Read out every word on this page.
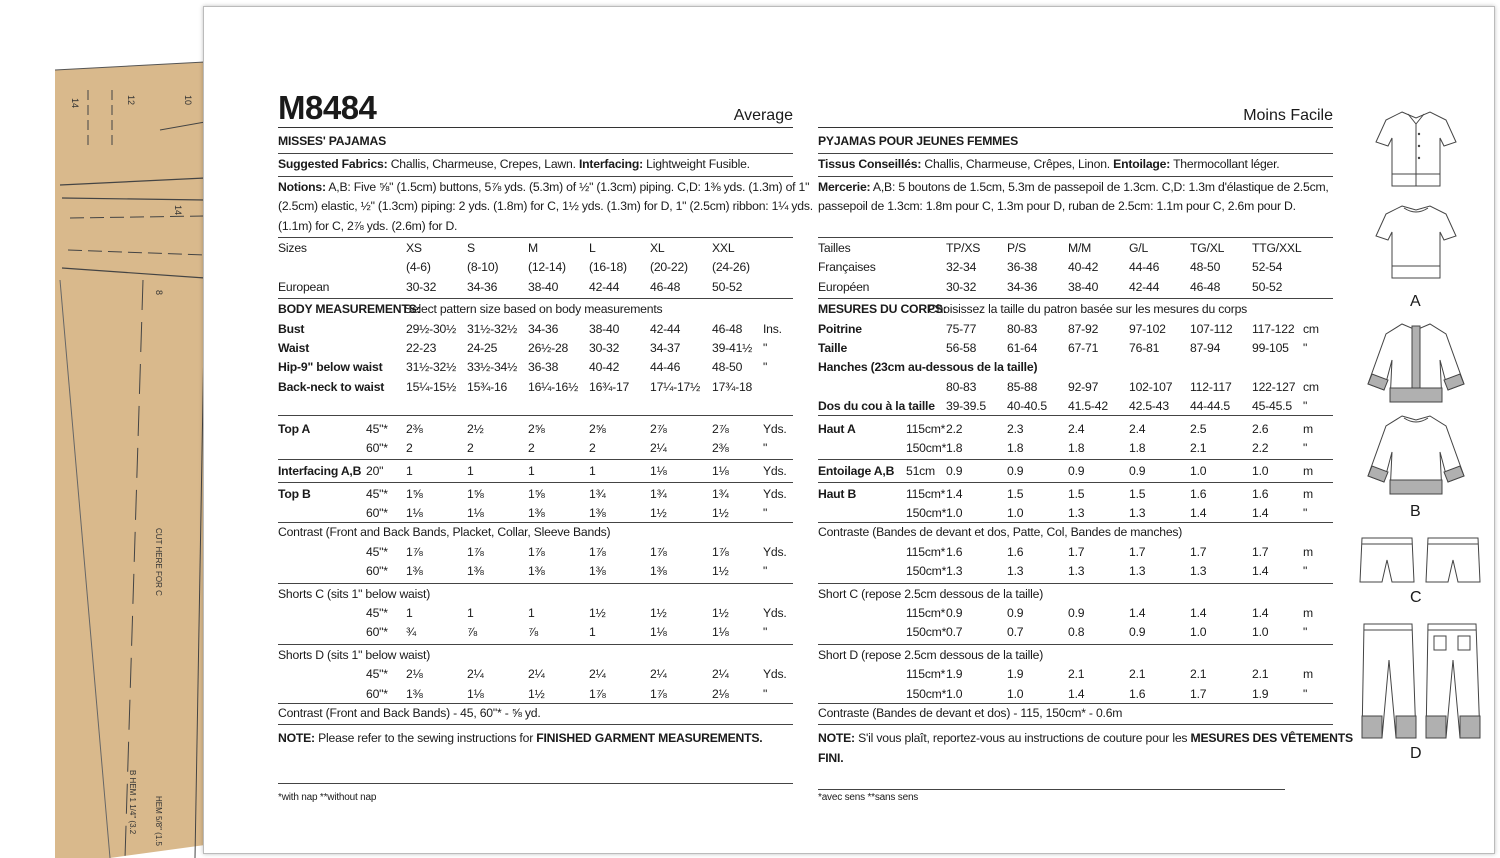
14	12	10
14
8
CUT HERE FOR C
B HEM 1 1/4" (3.2 HEM 5/8" (1.5
M8484	Average
MISSES' PAJAMAS
Suggested Fabrics: Challis, Charmeuse, Crepes, Lawn. Interfacing: Lightweight Fusible.
Notions: A,B: Five ⅝" (1.5cm) buttons, 5⅞ yds. (5.3m) of ½" (1.3cm) piping. C,D: 1⅜ yds. (1.3m) of 1"
(2.5cm) elastic, ½" (1.3cm) piping: 2 yds. (1.8m) for C, 1½ yds. (1.3m) for D, 1" (2.5cm) ribbon: 1¼ yds.
(1.1m) for C, 2⅞ yds. (2.6m) for D.
Sizes	XS	S	M	L	XL	XXL
(4-6)	(8-10) (12-14) (16-18) (20-22) (24-26)
European	30-32	34-36	38-40	42-44	46-48	50-52
BODY MEASUREMENTS:
Select pattern size based on body measurements
Bust	29½-30½ 31½-32½ 34-36	38-40	42-44	46-48 Ins.
Waist	22-23	24-25	26½-28 30-32	34-37	39-41½ "
Hip-9" below waist 31½-32½ 33½-34½ 36-38	40-42	44-46	48-50 "
Back-neck to waist 15¼-15½ 15¾-16 16¼-16½ 16¾-17 17¼-17½ 17¾-18
Top A	45"* 2⅜	2½	2⅝	2⅝	2⅞	2⅞	Yds.
60"* 2	2	2	2	2¼	2⅜	"
Interfacing A,B 20" 1	1	1	1	1⅛	1⅛	Yds.
Top B	45"* 1⅝	1⅝	1⅝	1¾	1¾	1¾	Yds.
60"* 1⅛	1⅛	1⅜	1⅜	1½	1½	"
Contrast (Front and Back Bands, Placket, Collar, Sleeve Bands)
45"* 1⅞	1⅞	1⅞	1⅞	1⅞	1⅞	Yds.
60"* 1⅜	1⅜	1⅜	1⅜	1⅜	1½	"
Shorts C (sits 1" below waist)
45"* 1	1	1	1½	1½	1½	Yds.
60"* ¾	⅞	⅞	1	1⅛	1⅛	"
Shorts D (sits 1" below waist)
45"* 2⅛	2¼	2¼	2¼	2¼	2¼	Yds.
60"* 1⅜	1⅛	1½	1⅞	1⅞	2⅛	"
Contrast (Front and Back Bands) - 45, 60"* - ⅝ yd.
NOTE: Please refer to the sewing instructions for FINISHED GARMENT MEASUREMENTS.
*with nap **without nap
Moins Facile
PYJAMAS POUR JEUNES FEMMES
Tissus Conseillés: Challis, Charmeuse, Crêpes, Linon. Entoilage: Thermocollant léger.
Mercerie: A,B: 5 boutons de 1.5cm, 5.3m de passepoil de 1.3cm. C,D: 1.3m d'élastique de 2.5cm,
passepoil de 1.3cm: 1.8m pour C, 1.3m pour D, ruban de 2.5cm: 1.1m pour C, 2.6m pour D.
Tailles	TP/XS P/S	M/M	G/L	TG/XL TTG/XXL
Françaises	32-34	36-38	40-42	44-46	48-50	52-54
Européen	30-32	34-36	38-40	42-44	46-48	50-52
MESURES DU CORPS:
Choisissez la taille du patron basée sur les mesures du corps
Poitrine	75-77	80-83	87-92	97-102 107-112 117-122 cm
Taille	56-58	61-64	67-71	76-81	87-94	99-105 "
Hanches (23cm au-dessous de la taille)
80-83	85-88	92-97	102-107 112-117 122-127 cm
Dos du cou à la taille 39-39.5 40-40.5 41.5-42 42.5-43 44-44.5 45-45.5 "
Haut A	115cm* 2.2	2.3	2.4	2.4	2.5	2.6	m
150cm* 1.8	1.8	1.8	1.8	2.1	2.2	"
Entoilage A,B 51cm 0.9	0.9	0.9	0.9	1.0	1.0	m
Haut B	115cm* 1.4	1.5	1.5	1.5	1.6	1.6	m
150cm* 1.0	1.0	1.3	1.3	1.4	1.4	"
Contraste (Bandes de devant et dos, Patte, Col, Bandes de manches)
115cm* 1.6	1.6	1.7	1.7	1.7	1.7	m
150cm* 1.3	1.3	1.3	1.3	1.3	1.4	"
Short C (repose 2.5cm dessous de la taille)
115cm* 0.9	0.9	0.9	1.4	1.4	1.4	m
150cm* 0.7	0.7	0.8	0.9	1.0	1.0	"
Short D (repose 2.5cm dessous de la taille)
115cm* 1.9	1.9	2.1	2.1	2.1	2.1	m
150cm* 1.0	1.0	1.4	1.6	1.7	1.9	"
Contraste (Bandes de devant et dos) - 115, 150cm* - 0.6m
NOTE: S'il vous plaît, reportez-vous au instructions de couture pour les MESURES DES VÊTEMENTS
FINI.
*avec sens **sans sens
A
B
C
D
